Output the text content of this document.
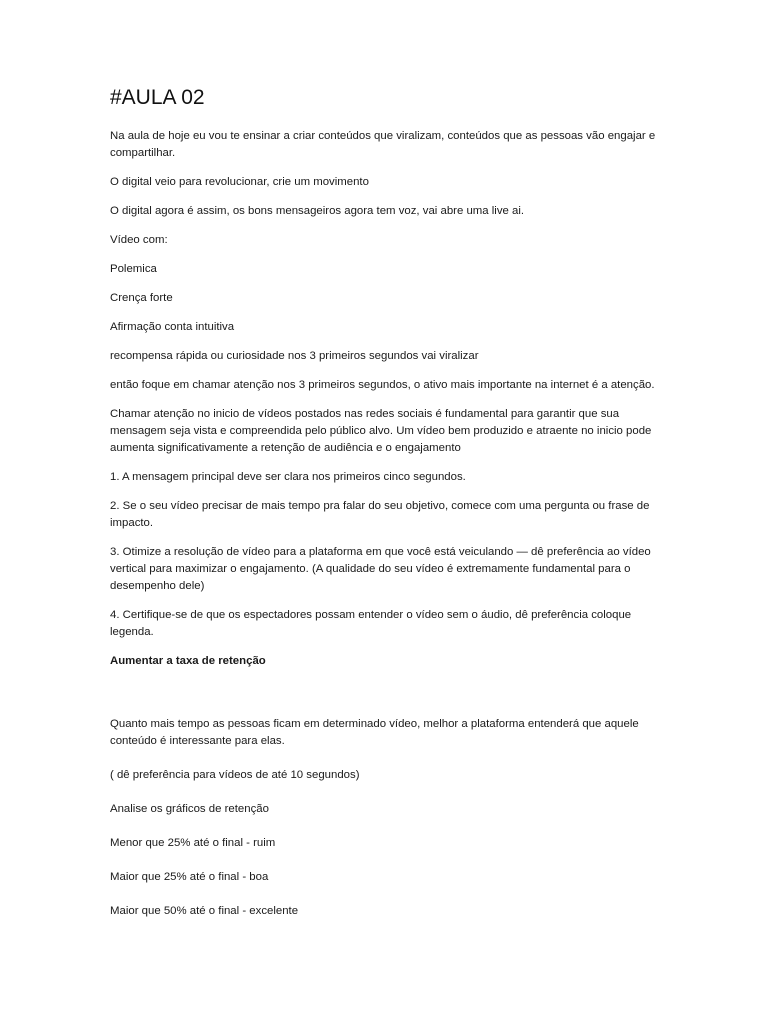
#AULA 02

Na aula de hoje eu vou te ensinar a criar conteúdos que viralizam, conteúdos que as pessoas vão engajar e compartilhar.

O digital veio para revolucionar, crie um movimento

O digital agora é assim, os bons mensageiros agora tem voz, vai abre uma live ai.

Vídeo com:

Polemica

Crença forte

Afirmação conta intuitiva

recompensa rápida ou curiosidade nos 3 primeiros segundos vai viralizar

então foque em chamar atenção nos 3 primeiros segundos, o ativo mais importante na internet é a atenção.

Chamar atenção no inicio de vídeos postados nas redes sociais é fundamental para garantir que sua mensagem seja vista e compreendida pelo público alvo. Um vídeo bem produzido e atraente no inicio pode aumenta significativamente a retenção de audiência e o engajamento

1. A mensagem principal deve ser clara nos primeiros cinco segundos.

2. Se o seu vídeo precisar de mais tempo pra falar do seu objetivo, comece com uma pergunta ou frase de impacto.

3. Otimize a resolução de vídeo para a plataforma em que você está veiculando — dê preferência ao vídeo vertical para maximizar o engajamento. (A qualidade do seu vídeo é extremamente fundamental para o desempenho dele)

4. Certifique-se de que os espectadores possam entender o vídeo sem o áudio, dê preferência coloque legenda.

Aumentar a taxa de retenção

Quanto mais tempo as pessoas ficam em determinado vídeo, melhor a plataforma entenderá que aquele conteúdo é interessante para elas.

( dê preferência para vídeos de até 10 segundos)

Analise os gráficos de retenção

Menor que 25% até o final - ruim

Maior que 25% até o final - boa

Maior que 50% até o final - excelente
